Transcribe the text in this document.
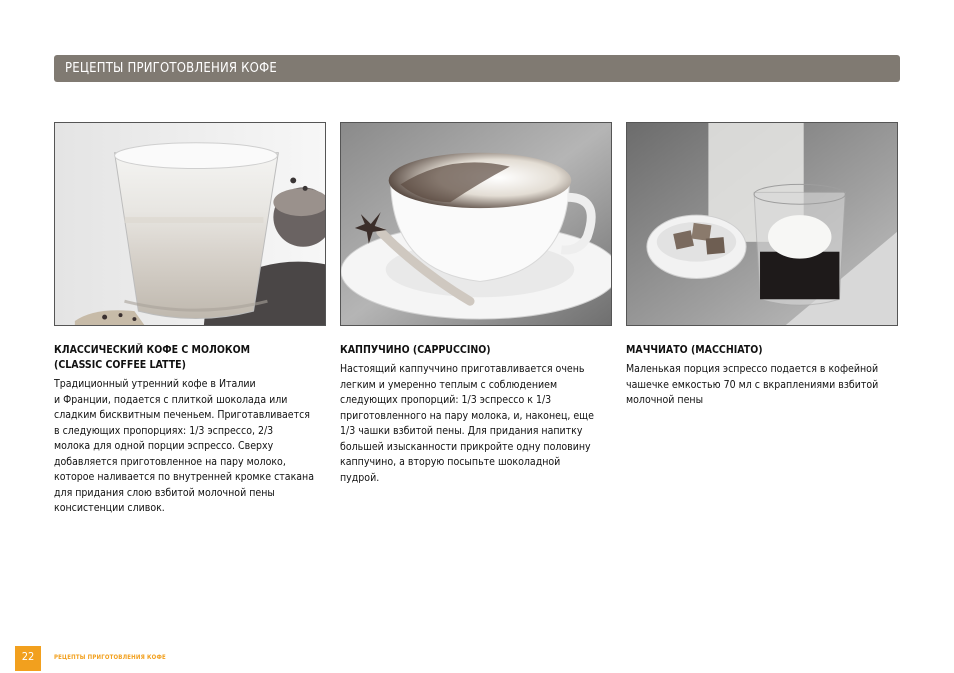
РЕЦЕПТЫ ПРИГОТОВЛЕНИЯ КОФЕ

КЛАССИЧЕСКИЙ КОФЕ С МОЛОКОМ
(CLASSIC COFFEE LATTE)

Традиционный утренний кофе в Италии
и Франции, подается с плиткой шоколада или
сладким бисквитным печеньем. Приготавливается
в следующих пропорциях: 1/3 эспрессо, 2/3
молока для одной порции эспрессо. Сверху
добавляется приготовленное на пару молоко,
которое наливается по внутренней кромке стакана
для придания слою взбитой молочной пены
консистенции сливок.

КАППУЧИНО (CAPPUCCINO)

Настоящий каппуччино приготавливается очень
легким и умеренно теплым с соблюдением
следующих пропорций: 1/3 эспрессо к 1/3
приготовленного на пару молока, и, наконец, еще
1/3 чашки взбитой пены. Для придания напитку
большей изысканности прикройте одну половину
каппучино, а вторую посыпьте шоколадной
пудрой.

МАЧЧИАТО (MACCHIATO)

Маленькая порция эспрессо подается в кофейной
чашечке емкостью 70 мл с вкраплениями взбитой
молочной пены

22	РЕЦЕПТЫ ПРИГОТОВЛЕНИЯ КОФЕ
